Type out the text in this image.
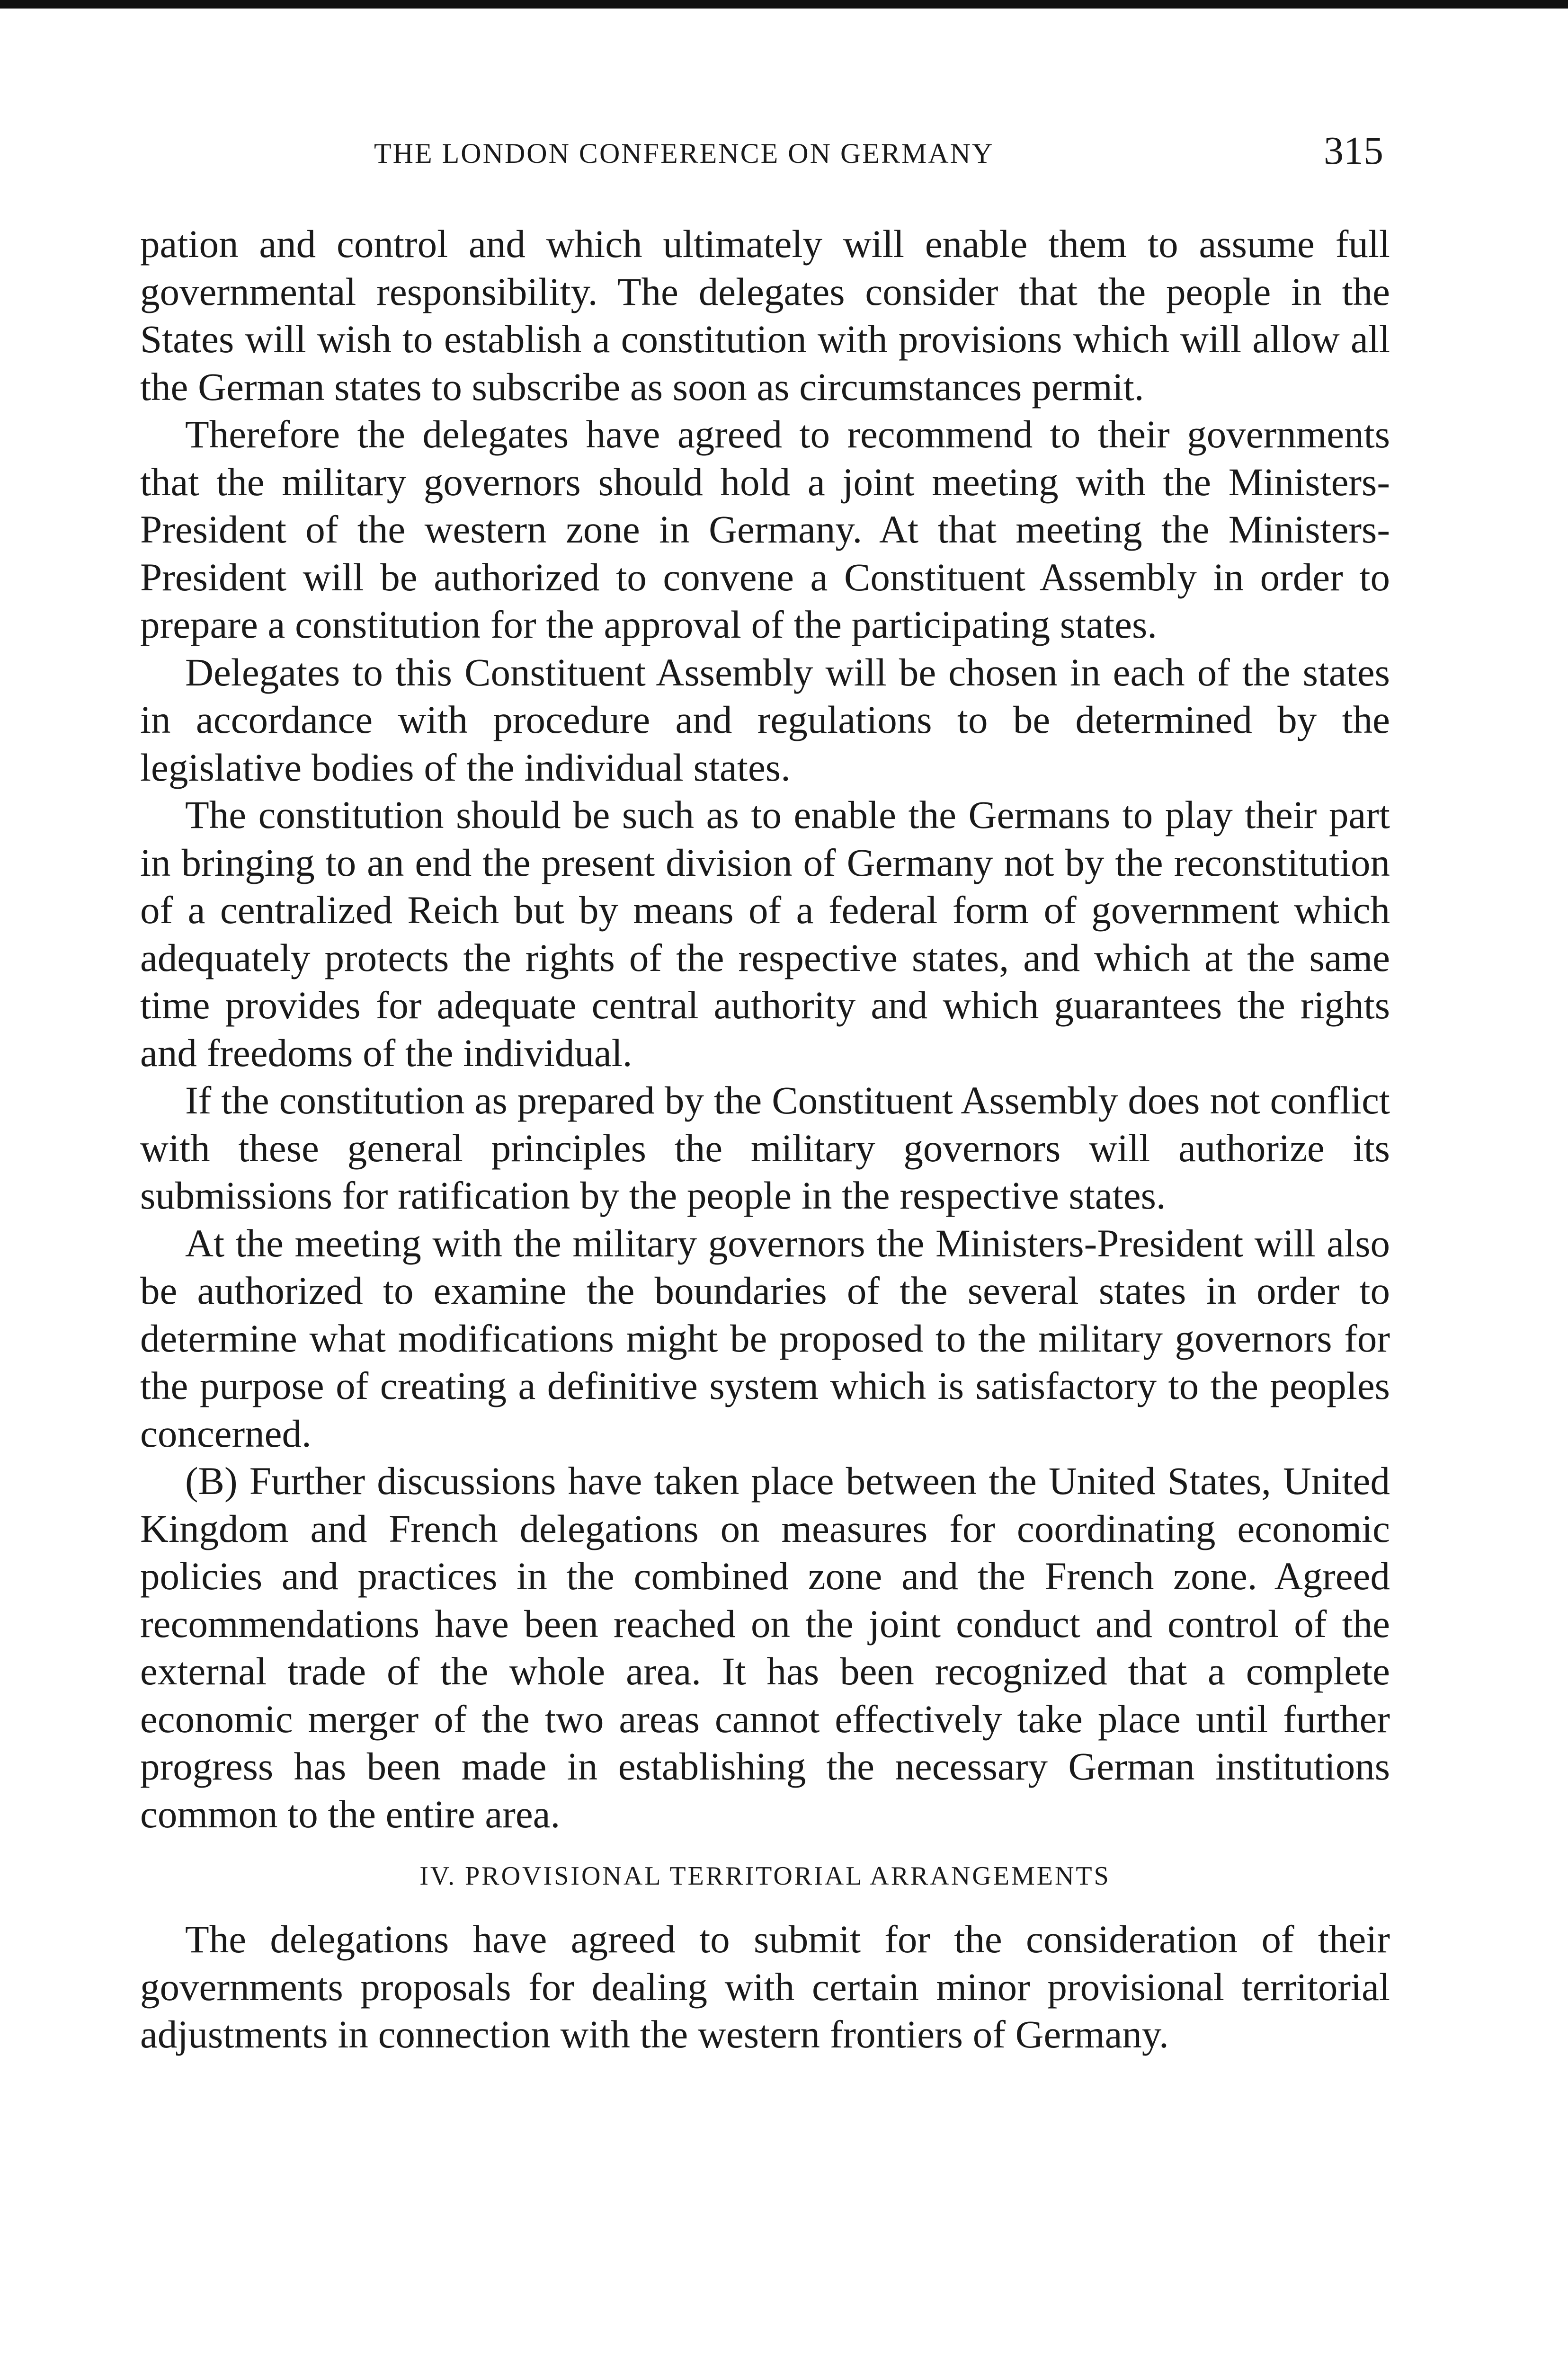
THE LONDON CONFERENCE ON GERMANY	315

pation and control and which ultimately will enable them to assume full governmental responsibility. The delegates consider that the people in the States will wish to establish a constitution with provisions which will allow all the German states to subscribe as soon as circumstances permit.

Therefore the delegates have agreed to recommend to their governments that the military governors should hold a joint meeting with the Ministers-President of the western zone in Germany. At that meeting the Ministers-President will be authorized to convene a Constituent Assembly in order to prepare a constitution for the approval of the participating states.

Delegates to this Constituent Assembly will be chosen in each of the states in accordance with procedure and regulations to be determined by the legislative bodies of the individual states.

The constitution should be such as to enable the Germans to play their part in bringing to an end the present division of Germany not by the reconstitution of a centralized Reich but by means of a federal form of government which adequately protects the rights of the respective states, and which at the same time provides for adequate central authority and which guarantees the rights and freedoms of the individual.

If the constitution as prepared by the Constituent Assembly does not conflict with these general principles the military governors will authorize its submissions for ratification by the people in the respective states.

At the meeting with the military governors the Ministers-President will also be authorized to examine the boundaries of the several states in order to determine what modifications might be proposed to the military governors for the purpose of creating a definitive system which is satisfactory to the peoples concerned.

(B) Further discussions have taken place between the United States, United Kingdom and French delegations on measures for coordinating economic policies and practices in the combined zone and the French zone. Agreed recommendations have been reached on the joint conduct and control of the external trade of the whole area. It has been recognized that a complete economic merger of the two areas cannot effectively take place until further progress has been made in establishing the necessary German institutions common to the entire area.

IV. PROVISIONAL TERRITORIAL ARRANGEMENTS

The delegations have agreed to submit for the consideration of their governments proposals for dealing with certain minor provisional territorial adjustments in connection with the western frontiers of Germany.
